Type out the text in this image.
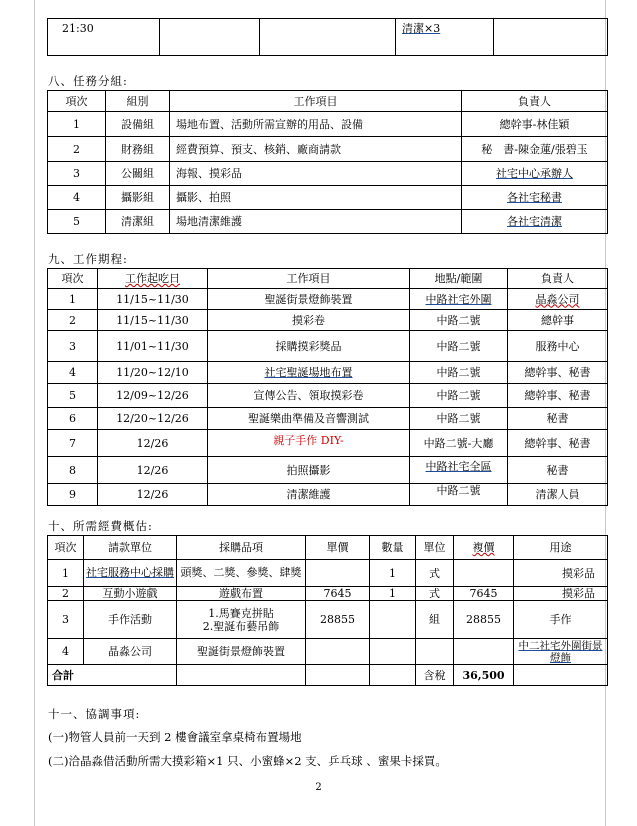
21:30			清潔×3	
八、任務分組:
項次	組別	工作項目	負責人
1	設備組	場地布置、活動所需宣辦的用品、設備	總幹事-林佳穎
2	財務組	經費預算、預支、核銷、廠商請款	秘　書-陳金蓮/張碧玉
3	公關組	海報、摸彩品	社宅中心承辦人
4	攝影組	攝影、拍照	各社宅秘書
5	清潔組	場地清潔維護	各社宅清潔
九、工作期程:
項次	工作起吃日	工作項目	地點/範圍	負責人
1	11/15~11/30	聖誕街景燈飾裝置	中路社宅外圍	晶淼公司
2	11/15~11/30	摸彩卷	中路二號	總幹事
3	11/01~11/30	採購摸彩獎品	中路二號	服務中心
4	11/20~12/10	社宅聖誕場地布置	中路二號	總幹事、秘書
5	12/09~12/26	宣傳公告、領取摸彩卷	中路二號	總幹事、秘書
6	12/20~12/26	聖誕樂曲準備及音響測試	中路二號	秘書
7	12/26	親子手作 DIY-	中路二號-大廳	總幹事、秘書
8	12/26	拍照攝影	中路社宅全區	秘書
9	12/26	清潔維護	中路二號	清潔人員
十、所需經費概估:
項次	請款單位	採購品項	單價	數量	單位	複價	用途
1	社宅服務中心採購	頭獎、二獎、參獎、肆獎		1	式		摸彩品
2	互動小遊戲	遊戲布置	7645	1	式	7645	摸彩品
3	手作活動	1.馬賽克拼貼
2.聖誕布藝吊飾	28855		組	28855	手作
4	晶淼公司	聖誕街景燈飾裝置					中二社宅外圍街景燈飾
合計					含稅	36,500	
十一、協調事項:
(一)物管人員前一天到 2 樓會議室拿桌椅布置場地
(二)洽晶淼借活動所需大摸彩箱×1 只、小蜜蜂×2 支、乒乓球 、蜜果卡採買。
2
